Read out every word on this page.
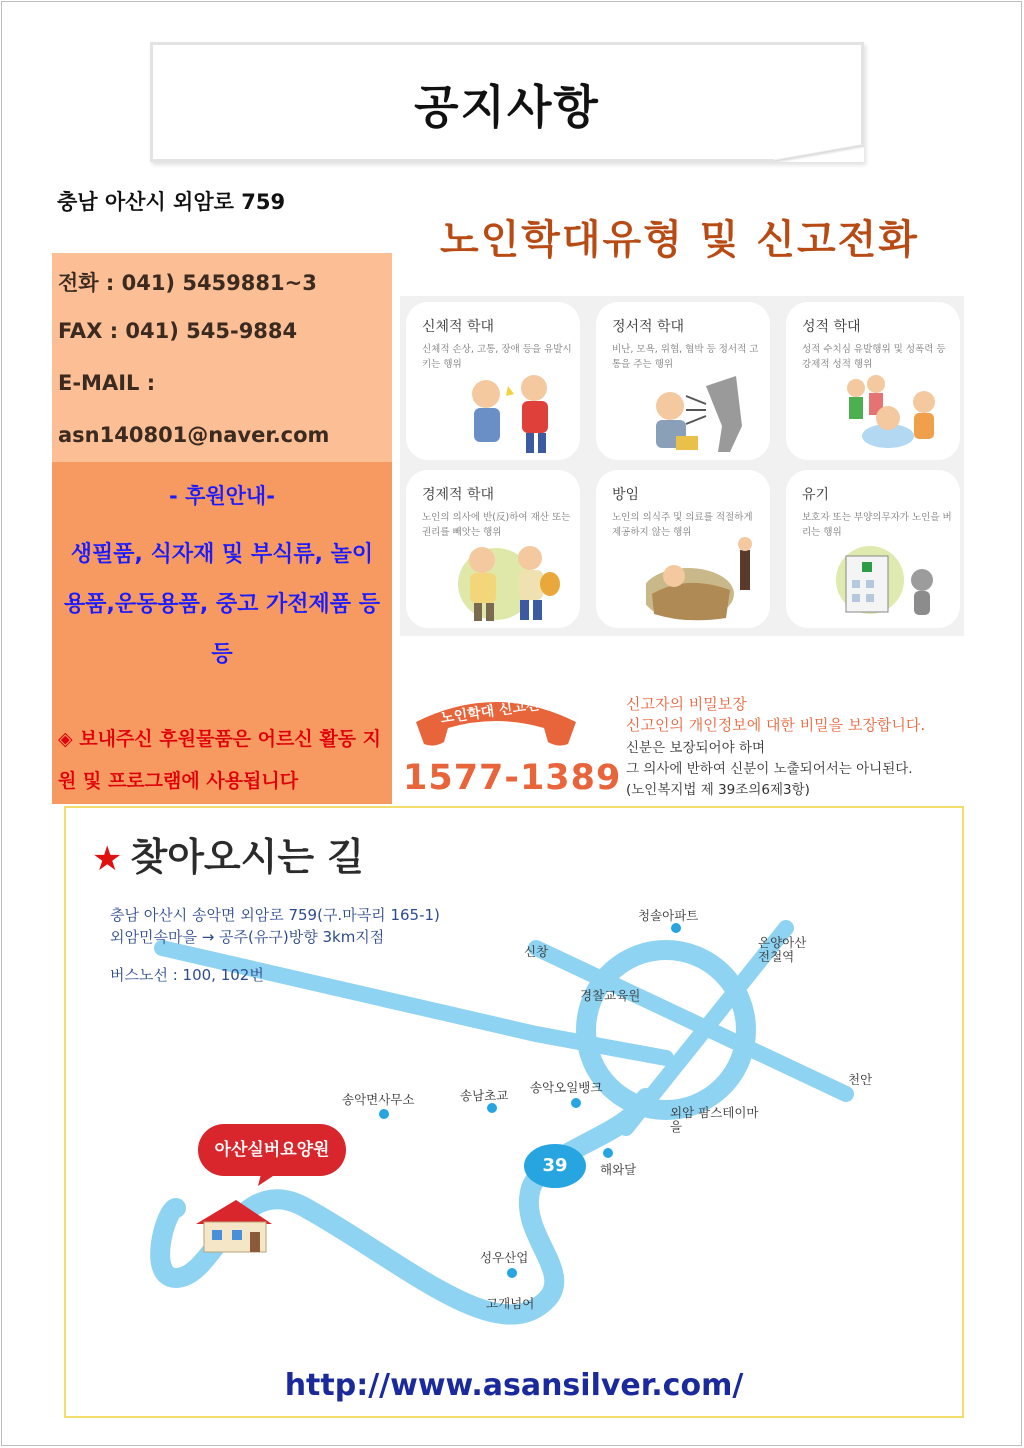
공지사항
충남 아산시 외암로 759
전화 : 041) 5459881~3
FAX : 041) 545-9884
E-MAIL :
asn140801@naver.com
- 후원안내-
생필품, 식자재 및 부식류, 놀이용품,운동용품, 중고 가전제품 등등
◈ 보내주신 후원물품은 어르신 활동 지원 및 프로그램에 사용됩니다
노인학대유형 및 신고전화
신체적 학대
신체적 손상, 고통, 장애 등을 유발시키는 행위
정서적 학대
비난, 모욕, 위협, 협박 등 정서적 고통을 주는 행위
성적 학대
성적 수치심 유발행위 및 성폭력 등 강제적 성적 행위
경제적 학대
노인의 의사에 반(反)하여 재산 또는 권리를 빼앗는 행위
방임
노인의 의식주 및 의료를 적절하게 제공하지 않는 행위
유기
보호자 또는 부양의무자가 노인을 버리는 행위
노인학대 신고전화
1577-1389
신고자의 비밀보장
신고인의 개인정보에 대한 비밀을 보장합니다.
신분은 보장되어야 하며
그 의사에 반하여 신분이 노출되어서는 아니된다.
(노인복지법 제 39조의6제3항)
★ 찾아오시는 길
충남 아산시 송악면 외암로 759(구.마곡리 165-1)
외암민속마을 → 공주(유구)방향 3km지점
버스노선 : 100, 102번
청솔아파트
온양아산 전철역
신창
경찰교육원
천안
송악면사무소	송남초교
송악오일뱅크
외암 팜스테이마을
해와달
성우산업
고개넘어
아산실버요양원
39
http://www.asansilver.com/
